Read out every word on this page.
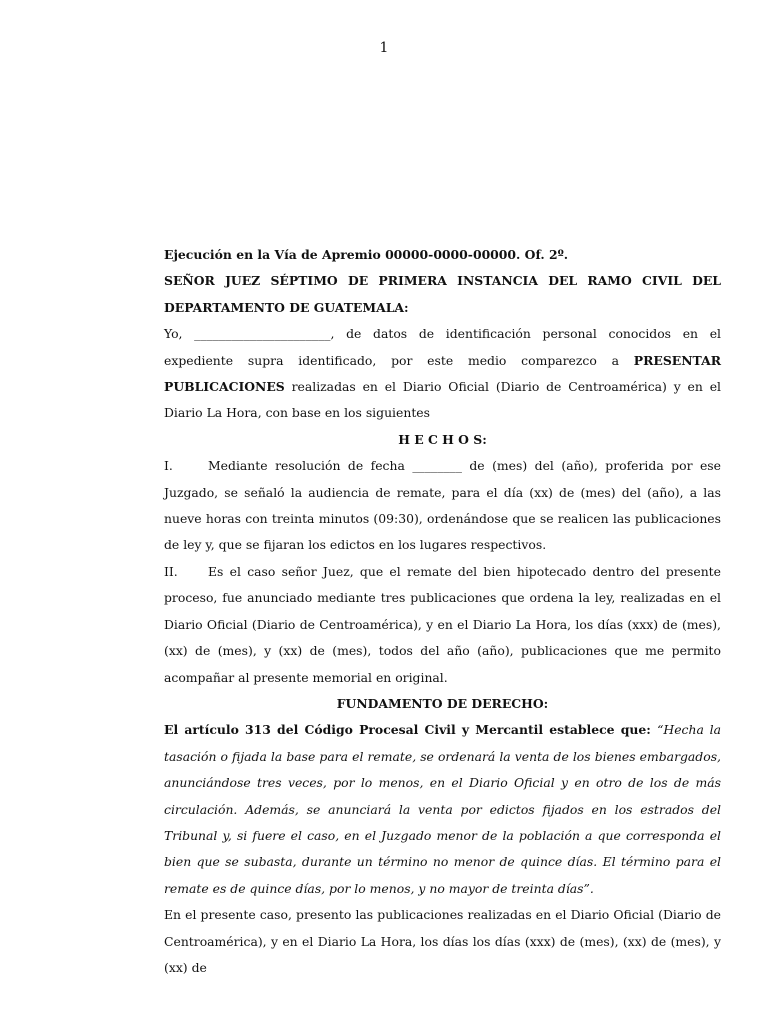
1

Ejecución en la Vía de Apremio 00000-0000-00000. Of. 2º.

SEÑOR JUEZ SÉPTIMO DE PRIMERA INSTANCIA DEL RAMO CIVIL DEL DEPARTAMENTO DE GUATEMALA:

Yo, ______________________, de datos de identificación personal conocidos en el expediente supra identificado, por este medio comparezco a PRESENTAR PUBLICACIONES realizadas en el Diario Oficial (Diario de Centroamérica) y en el Diario La Hora, con base en los siguientes

H E C H O S:

I.	Mediante resolución de fecha ________ de (mes) del (año), proferida por ese Juzgado, se señaló la audiencia de remate, para el día (xx) de (mes) del (año), a las nueve horas con treinta minutos (09:30), ordenándose que se realicen las publicaciones de ley y, que se fijaran los edictos en los lugares respectivos.

II. Es el caso señor Juez, que el remate del bien hipotecado dentro del presente proceso, fue anunciado mediante tres publicaciones que ordena la ley, realizadas en el Diario Oficial (Diario de Centroamérica), y en el Diario La Hora, los días (xxx) de (mes), (xx) de (mes), y (xx) de (mes), todos del año (año), publicaciones que me permito acompañar al presente memorial en original.

FUNDAMENTO DE DERECHO:

El artículo 313 del Código Procesal Civil y Mercantil establece que: “Hecha la tasación o fijada la base para el remate, se ordenará la venta de los bienes embargados, anunciándose tres veces, por lo menos, en el Diario Oficial y en otro de los de más circulación. Además, se anunciará la venta por edictos fijados en los estrados del Tribunal y, si fuere el caso, en el Juzgado menor de la población a que corresponda el bien que se subasta, durante un término no menor de quince días. El término para el remate es de quince días, por lo menos, y no mayor de treinta días”.

En el presente caso, presento las publicaciones realizadas en el Diario Oficial (Diario de Centroamérica), y en el Diario La Hora, los días los días (xxx) de (mes), (xx) de (mes), y (xx) de
